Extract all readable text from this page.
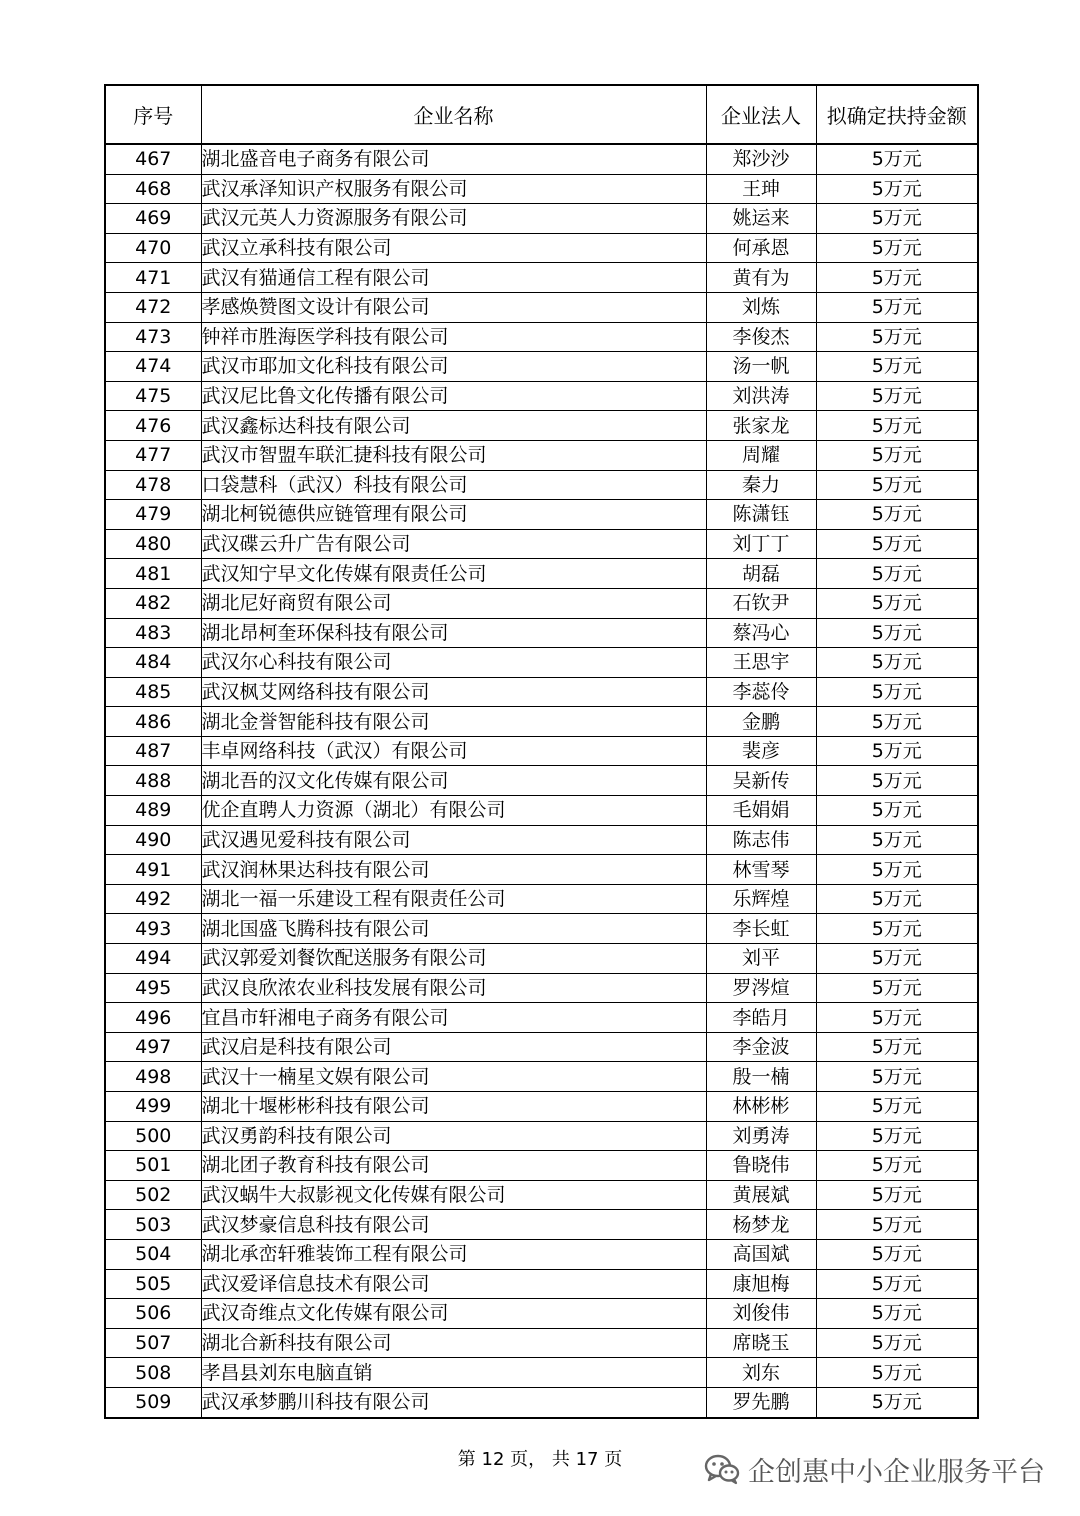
序号	企业名称	企业法人	拟确定扶持金额
467	湖北盛音电子商务有限公司	郑沙沙	5万元
468	武汉承泽知识产权服务有限公司	王珅	5万元
469	武汉元英人力资源服务有限公司	姚运来	5万元
470	武汉立承科技有限公司	何承恩	5万元
471	武汉有猫通信工程有限公司	黄有为	5万元
472	孝感焕赞图文设计有限公司	刘炼	5万元
473	钟祥市胜海医学科技有限公司	李俊杰	5万元
474	武汉市耶加文化科技有限公司	汤一帆	5万元
475	武汉尼比鲁文化传播有限公司	刘洪涛	5万元
476	武汉鑫标达科技有限公司	张家龙	5万元
477	武汉市智盟车联汇捷科技有限公司	周耀	5万元
478	口袋慧科（武汉）科技有限公司	秦力	5万元
479	湖北柯锐德供应链管理有限公司	陈潇钰	5万元
480	武汉碟云升广告有限公司	刘丁丁	5万元
481	武汉知宁早文化传媒有限责任公司	胡磊	5万元
482	湖北尼好商贸有限公司	石钦尹	5万元
483	湖北昂柯奎环保科技有限公司	蔡冯心	5万元
484	武汉尔心科技有限公司	王思宇	5万元
485	武汉枫艾网络科技有限公司	李蕊伶	5万元
486	湖北金誉智能科技有限公司	金鹏	5万元
487	丰卓网络科技（武汉）有限公司	裴彦	5万元
488	湖北吾的汉文化传媒有限公司	吴新传	5万元
489	优企直聘人力资源（湖北）有限公司	毛娟娟	5万元
490	武汉遇见爱科技有限公司	陈志伟	5万元
491	武汉润林果达科技有限公司	林雪琴	5万元
492	湖北一福一乐建设工程有限责任公司	乐辉煌	5万元
493	湖北国盛飞腾科技有限公司	李长虹	5万元
494	武汉郭爱刘餐饮配送服务有限公司	刘平	5万元
495	武汉良欣浓农业科技发展有限公司	罗涔煊	5万元
496	宜昌市轩湘电子商务有限公司	李皓月	5万元
497	武汉启是科技有限公司	李金波	5万元
498	武汉十一楠星文娱有限公司	殷一楠	5万元
499	湖北十堰彬彬科技有限公司	林彬彬	5万元
500	武汉勇韵科技有限公司	刘勇涛	5万元
501	湖北团子教育科技有限公司	鲁晓伟	5万元
502	武汉蜗牛大叔影视文化传媒有限公司	黄展斌	5万元
503	武汉梦豪信息科技有限公司	杨梦龙	5万元
504	湖北承峦轩雅装饰工程有限公司	高国斌	5万元
505	武汉爱译信息技术有限公司	康旭梅	5万元
506	武汉奇维点文化传媒有限公司	刘俊伟	5万元
507	湖北合新科技有限公司	席晓玉	5万元
508	孝昌县刘东电脑直销	刘东	5万元
509	武汉承梦鹏川科技有限公司	罗先鹏	5万元
第 12 页， 共 17 页	企创惠中小企业服务平台
